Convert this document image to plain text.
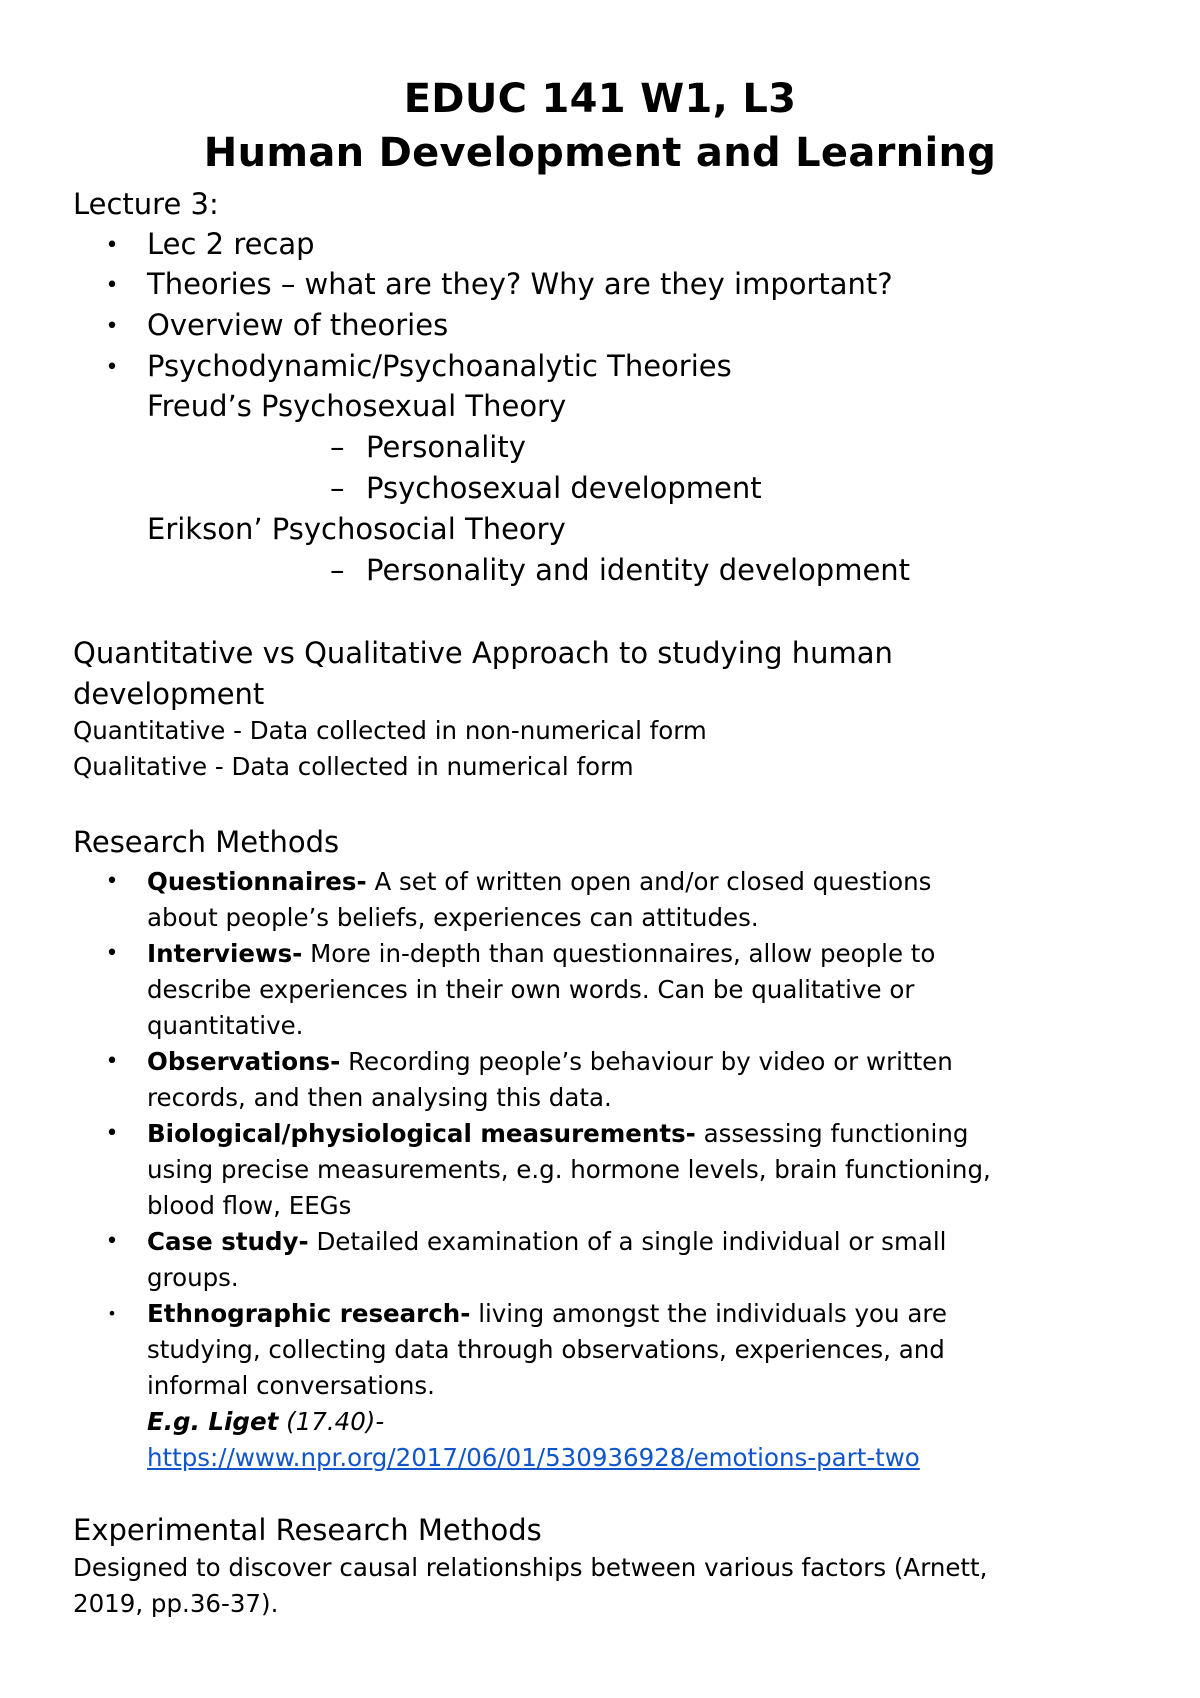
EDUC 141 W1, L3
Human Development and Learning
Lecture 3:
• Lec 2 recap
• Theories – what are they? Why are they important?
• Overview of theories
• Psychodynamic/Psychoanalytic Theories
Freud’s Psychosexual Theory
– Personality
– Psychosexual development
Erikson’ Psychosocial Theory
– Personality and identity development
Quantitative vs Qualitative Approach to studying human
development
Quantitative - Data collected in non-numerical form
Qualitative - Data collected in numerical form
Research Methods
• Questionnaires- A set of written open and/or closed questions
about people’s beliefs, experiences can attitudes.
• Interviews- More in-depth than questionnaires, allow people to
describe experiences in their own words. Can be qualitative or
quantitative.
• Observations- Recording people’s behaviour by video or written
records, and then analysing this data.
• Biological/physiological measurements- assessing functioning
using precise measurements, e.g. hormone levels, brain functioning,
blood flow, EEGs
• Case study- Detailed examination of a single individual or small
groups.
• Ethnographic research- living amongst the individuals you are
studying, collecting data through observations, experiences, and
informal conversations.
E.g. Liget (17.40)-
https://www.npr.org/2017/06/01/530936928/emotions-part-two
Experimental Research Methods
Designed to discover causal relationships between various factors (Arnett,
2019, pp.36-37).
